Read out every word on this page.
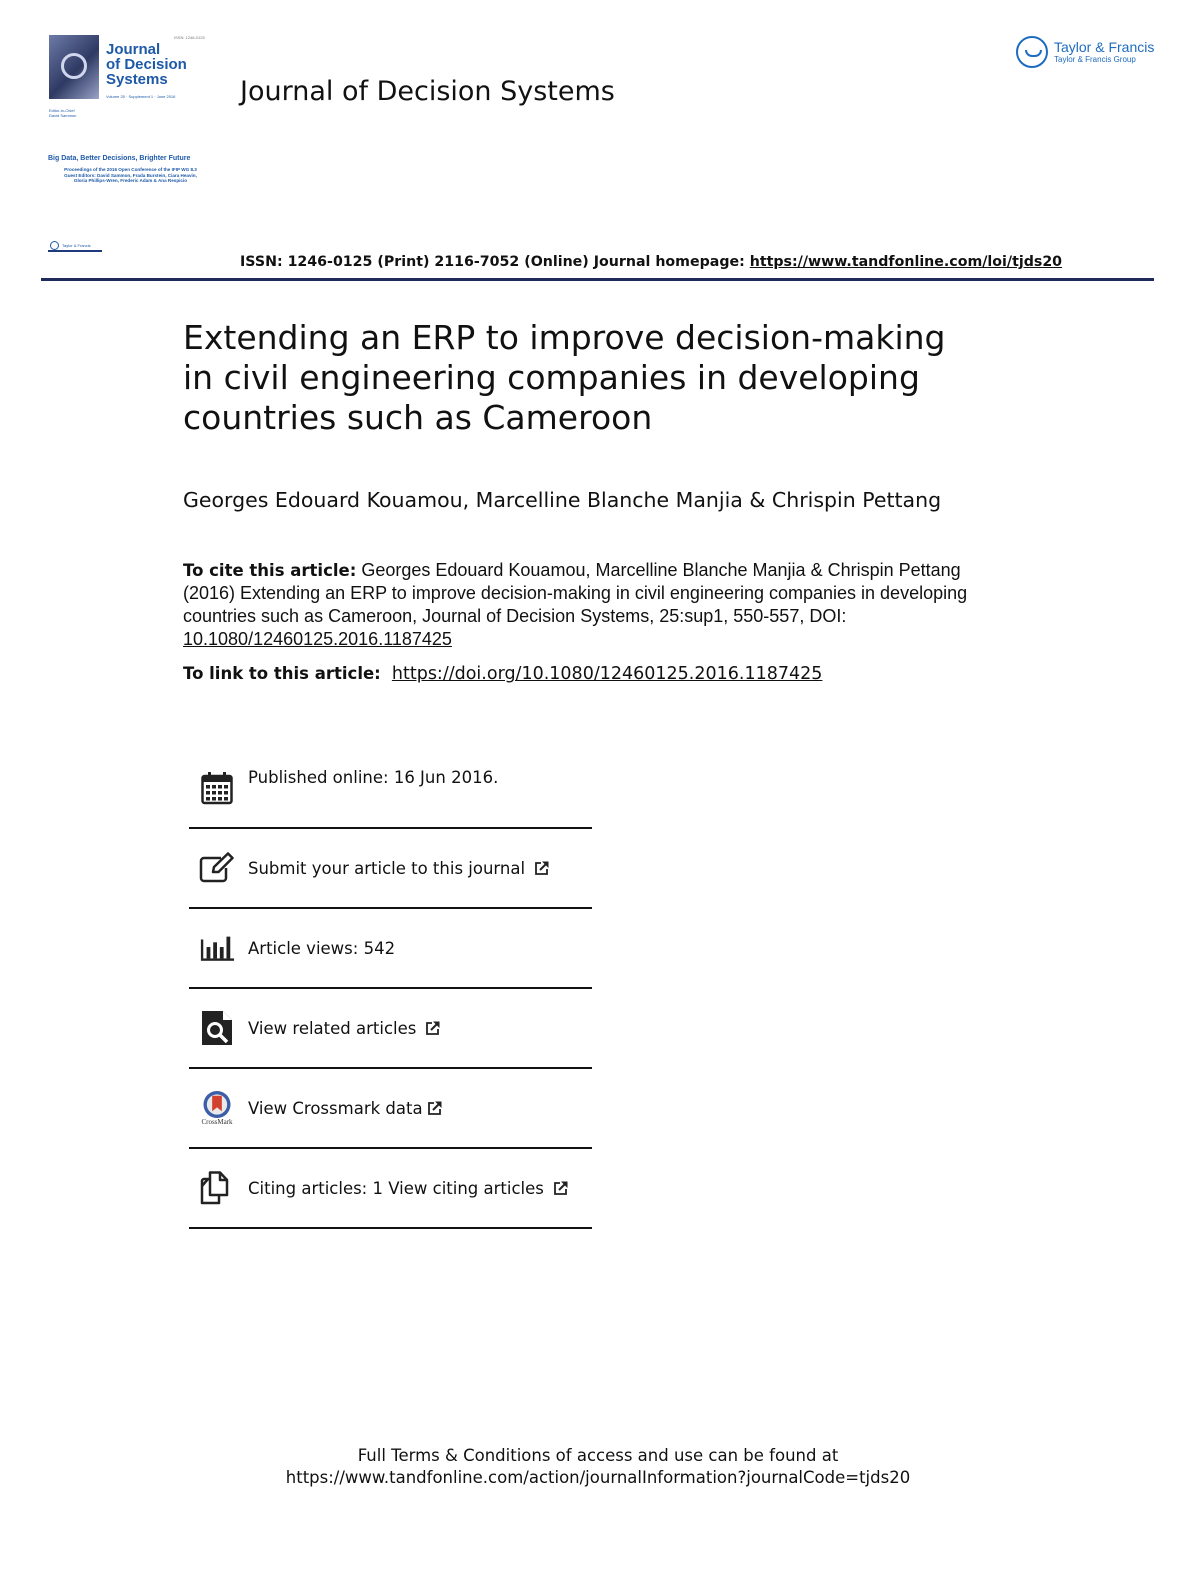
ISSN: 1246-0125
Journal
of Decision
Systems
Volume 25 · Supplement 1 · June 2016
Editor-in-Chief
David Sammon
Big Data, Better Decisions, Brighter Future
Proceedings of the 2016 Open Conference of the IFIP WG 8.3
Guest Editors: David Sammon, Frada Burstein, Ciara Heavin,
Gloria Phillips-Wren, Frederic Adam & Ana Respicio
Taylor & Francis
Journal of Decision Systems
Taylor & Francis
Taylor & Francis Group
ISSN: 1246-0125 (Print) 2116-7052 (Online) Journal homepage: https://www.tandfonline.com/loi/tjds20
Extending an ERP to improve decision-making
in civil engineering companies in developing
countries such as Cameroon
Georges Edouard Kouamou, Marcelline Blanche Manjia & Chrispin Pettang
To cite this article: Georges Edouard Kouamou, Marcelline Blanche Manjia & Chrispin Pettang (2016) Extending an ERP to improve decision-making in civil engineering companies in developing countries such as Cameroon, Journal of Decision Systems, 25:sup1, 550-557, DOI: 10.1080/12460125.2016.1187425
To link to this article: https://doi.org/10.1080/12460125.2016.1187425
Published online: 16 Jun 2016.
Submit your article to this journal
Article views: 542
View related articles
CrossMark
View Crossmark data
Citing articles: 1 View citing articles
Full Terms & Conditions of access and use can be found at
https://www.tandfonline.com/action/journalInformation?journalCode=tjds20
